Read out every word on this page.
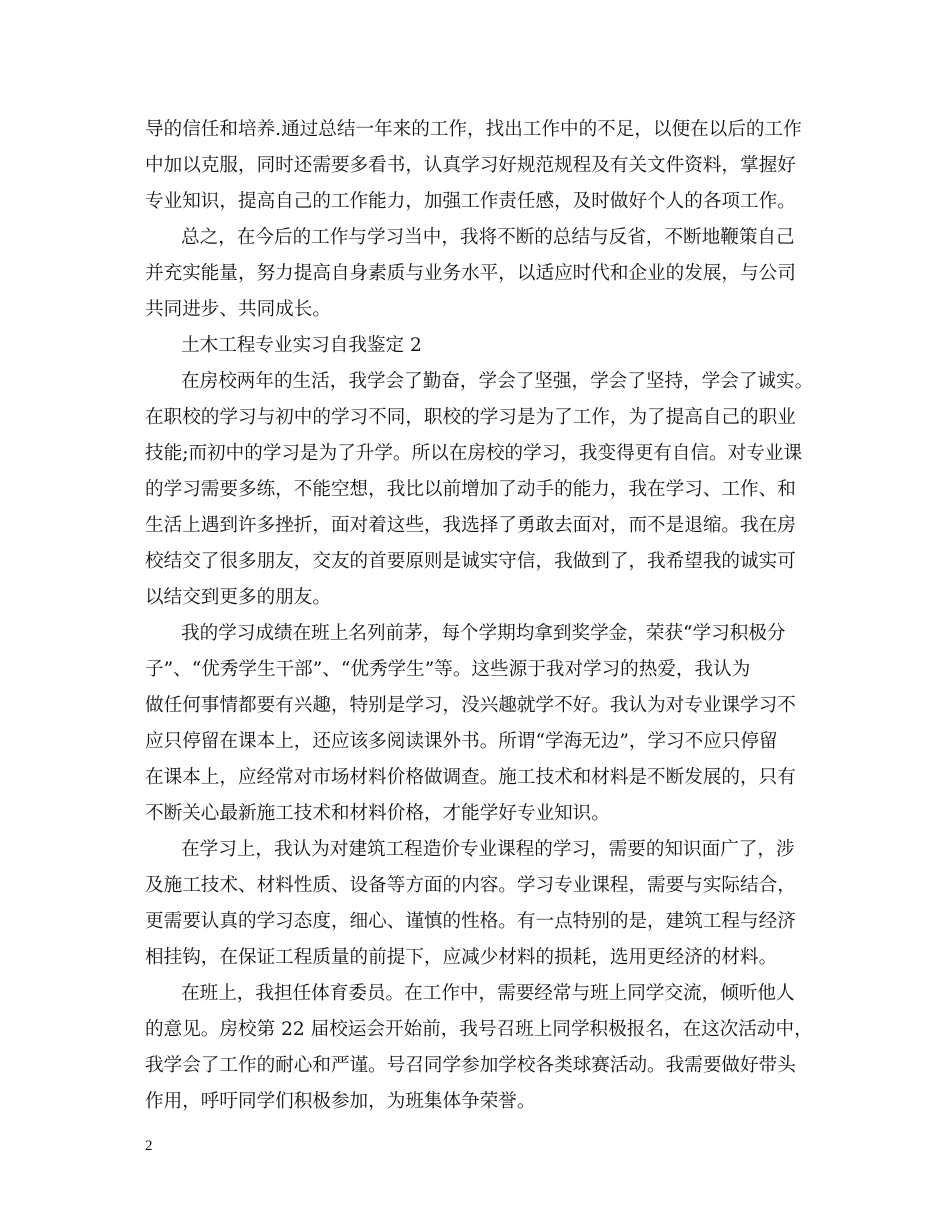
导的信任和培养.通过总结一年来的工作，找出工作中的不足，以便在以后的工作
中加以克服，同时还需要多看书，认真学习好规范规程及有关文件资料，掌握好
专业知识，提高自己的工作能力，加强工作责任感，及时做好个人的各项工作。
总之，在今后的工作与学习当中，我将不断的总结与反省，不断地鞭策自己
并充实能量，努力提高自身素质与业务水平，以适应时代和企业的发展，与公司
共同进步、共同成长。
土木工程专业实习自我鉴定 2
在房校两年的生活，我学会了勤奋，学会了坚强，学会了坚持，学会了诚实。
在职校的学习与初中的学习不同，职校的学习是为了工作，为了提高自己的职业
技能;而初中的学习是为了升学。所以在房校的学习，我变得更有自信。对专业课
的学习需要多练，不能空想，我比以前增加了动手的能力，我在学习、工作、和
生活上遇到许多挫折，面对着这些，我选择了勇敢去面对，而不是退缩。我在房
校结交了很多朋友，交友的首要原则是诚实守信，我做到了，我希望我的诚实可
以结交到更多的朋友。
我的学习成绩在班上名列前茅，每个学期均拿到奖学金，荣获“学习积极分
子”、“优秀学生干部”、“优秀学生”等。这些源于我对学习的热爱，我认为
做任何事情都要有兴趣，特别是学习，没兴趣就学不好。我认为对专业课学习不
应只停留在课本上，还应该多阅读课外书。所谓“学海无边”，学习不应只停留
在课本上，应经常对市场材料价格做调查。施工技术和材料是不断发展的，只有
不断关心最新施工技术和材料价格，才能学好专业知识。
在学习上，我认为对建筑工程造价专业课程的学习，需要的知识面广了，涉
及施工技术、材料性质、设备等方面的内容。学习专业课程，需要与实际结合，
更需要认真的学习态度，细心、谨慎的性格。有一点特别的是，建筑工程与经济
相挂钩，在保证工程质量的前提下，应减少材料的损耗，选用更经济的材料。
在班上，我担任体育委员。在工作中，需要经常与班上同学交流，倾听他人
的意见。房校第 22 届校运会开始前，我号召班上同学积极报名，在这次活动中，
我学会了工作的耐心和严谨。号召同学参加学校各类球赛活动。我需要做好带头
作用，呼吁同学们积极参加，为班集体争荣誉。
2
